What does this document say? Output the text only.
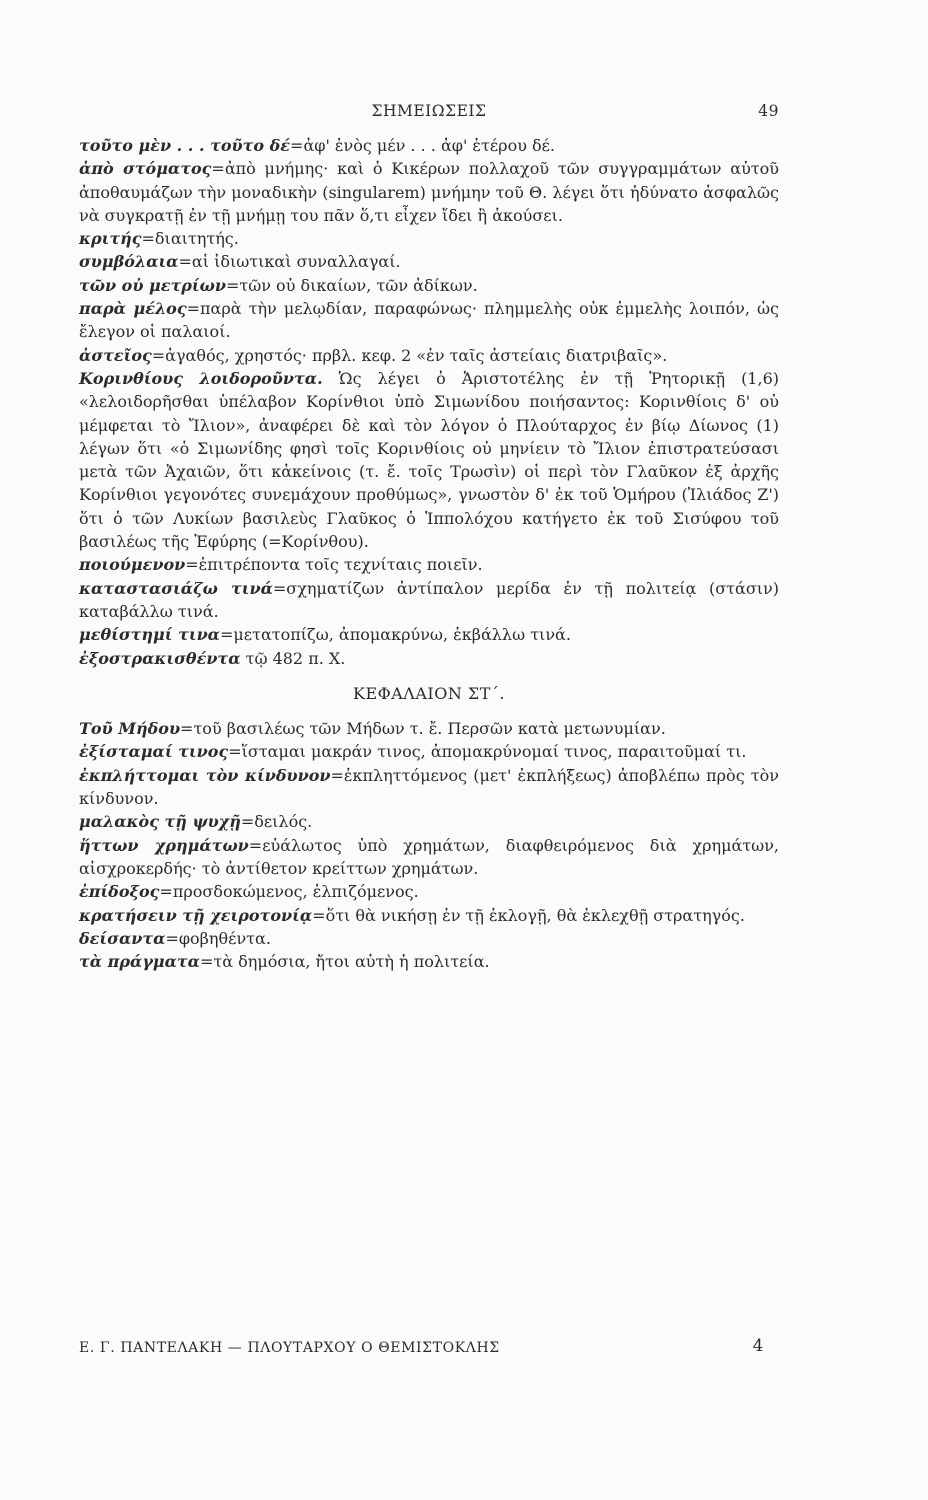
ΣΗΜΕΙΩΣΕΙΣ	49

τοῦτο μὲν . . . τοῦτο δέ=ἀφ' ἑνὸς μέν . . . ἀφ' ἑτέρου δέ.

ἀπὸ στόματος=ἀπὸ μνήμης· καὶ ὁ Κικέρων πολλαχοῦ τῶν συγγραμμάτων αὐτοῦ ἀποθαυμάζων τὴν μοναδικὴν (singularem) μνήμην τοῦ Θ. λέγει ὅτι ἠδύνατο ἀσφαλῶς νὰ συγκρατῇ ἐν τῇ μνήμῃ του πᾶν ὅ,τι εἶχεν ἴδει ἢ ἀκούσει.

κριτής=διαιτητής.

συμβόλαια=αἱ ἰδιωτικαὶ συναλλαγαί.

τῶν οὐ μετρίων=τῶν οὐ δικαίων, τῶν ἀδίκων.

παρὰ μέλος=παρὰ τὴν μελῳδίαν, παραφώνως· πλημμελὴς οὐκ ἐμμελὴς λοιπόν, ὡς ἔλεγον οἱ παλαιοί.

ἀστεῖος=ἀγαθός, χρηστός· πρβλ. κεφ. 2 «ἐν ταῖς ἀστείαις διατριβαῖς».

Κορινθίους λοιδοροῦντα. Ὡς λέγει ὁ Ἀριστοτέλης ἐν τῇ Ῥητορικῇ (1,6) «λελοιδορῆσθαι ὑπέλαβον Κορίνθιοι ὑπὸ Σιμωνίδου ποιήσαντος: Κορινθίοις δ' οὐ μέμφεται τὸ Ἴλιον», ἀναφέρει δὲ καὶ τὸν λόγον ὁ Πλούταρχος ἐν βίῳ Δίωνος (1) λέγων ὅτι «ὁ Σιμωνίδης φησὶ τοῖς Κορινθίοις οὐ μηνίειν τὸ Ἴλιον ἐπιστρατεύσασι μετὰ τῶν Ἀχαιῶν, ὅτι κἀκείνοις (τ. ἔ. τοῖς Τρωσὶν) οἱ περὶ τὸν Γλαῦκον ἐξ ἀρχῆς Κορίνθιοι γεγονότες συνεμάχουν προθύμως», γνωστὸν δ' ἐκ τοῦ Ὁμήρου (Ἰλιάδος Ζ') ὅτι ὁ τῶν Λυκίων βασιλεὺς Γλαῦκος ὁ Ἱππολόχου κατήγετο ἐκ τοῦ Σισύφου τοῦ βασιλέως τῆς Ἐφύρης (=Κορίνθου).

ποιούμενον=ἐπιτρέποντα τοῖς τεχνίταις ποιεῖν.

καταστασιάζω τινά=σχηματίζων ἀντίπαλον μερίδα ἐν τῇ πολιτείᾳ (στάσιν) καταβάλλω τινά.

μεθίστημί τινα=μετατοπίζω, ἀπομακρύνω, ἐκβάλλω τινά.

ἐξοστρακισθέντα τῷ 482 π. Χ.

ΚΕΦΑΛΑΙΟΝ ΣΤ΄.

Τοῦ Μήδου=τοῦ βασιλέως τῶν Μήδων τ. ἔ. Περσῶν κατὰ μετωνυμίαν.

ἐξίσταμαί τινος=ἵσταμαι μακράν τινος, ἀπομακρύνομαί τινος, παραιτοῦμαί τι.

ἐκπλήττομαι τὸν κίνδυνον=ἐκπληττόμενος (μετ' ἐκπλήξεως) ἀποβλέπω πρὸς τὸν κίνδυνον.

μαλακὸς τῇ ψυχῇ=δειλός.

ἥττων χρημάτων=εὐάλωτος ὑπὸ χρημάτων, διαφθειρόμενος διὰ χρημάτων, αἰσχροκερδής· τὸ ἀντίθετον κρείττων χρημάτων.

ἐπίδοξος=προσδοκώμενος, ἐλπιζόμενος.

κρατήσειν τῇ χειροτονίᾳ=ὅτι θὰ νικήσῃ ἐν τῇ ἐκλογῇ, θὰ ἐκλεχθῇ στρατηγός.

δείσαντα=φοβηθέντα.

τὰ πράγματα=τὰ δημόσια, ἤτοι αὐτὴ ἡ πολιτεία.

Ε. Γ. ΠΑΝΤΕΛΑΚΗ — ΠΛΟΥΤΑΡΧΟΥ Ο ΘΕΜΙΣΤΟΚΛΗΣ	4
